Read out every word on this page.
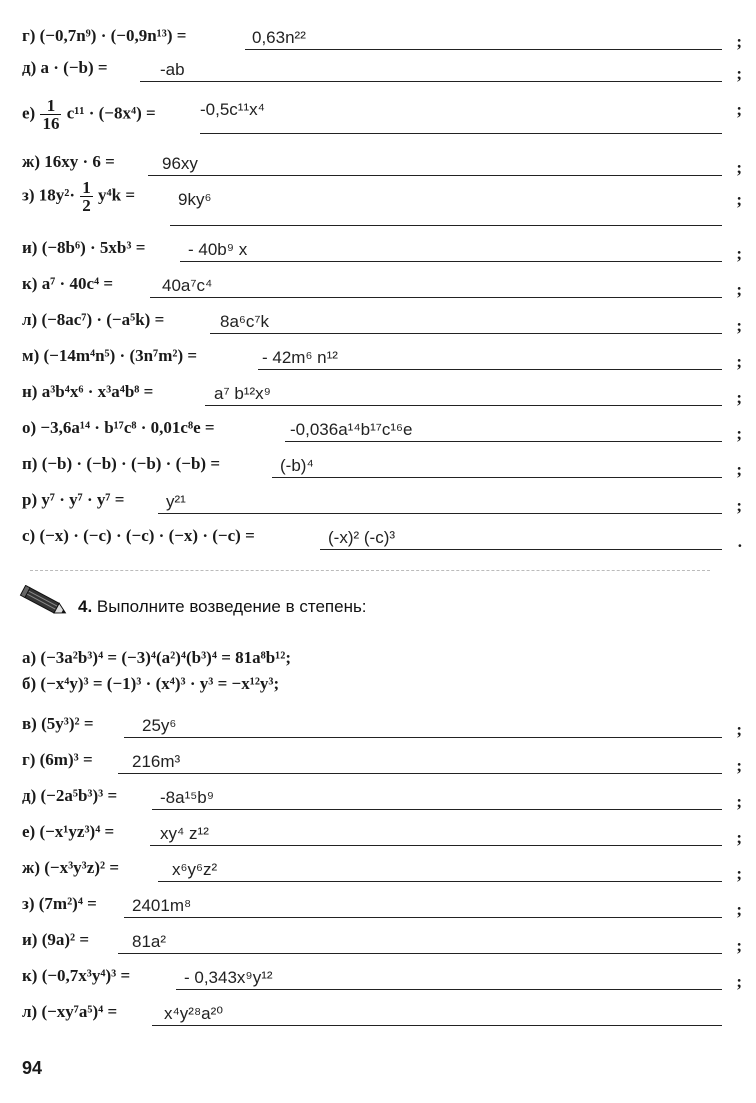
г) (−0,7n⁹) · (−0,9n¹³) =	0,63n²²	;
д) a · (−b) =	-ab	;
$е) \frac{1}{16} c^{11} \cdot (-8x^4)$ =	-0,5c¹¹x⁴	;
ж) 16xy · 6 =	96xy	;
з) $18y^2\cdot \frac{1}{2} y^4k$ =	9ky⁶	;
и) (−8b⁶) · 5xb³ =	- 40b⁹ x	;
к) a⁷ · 40c⁴ =	40a⁷c⁴	;
л) (−8ac⁷) · (−a⁵k) =	8a⁶c⁷k	;
м) (−14m⁴n⁵) · (3n⁷m²) =	- 42m⁶ n¹²	;
н) a³b⁴x⁶ · x³a⁴b⁸ =	a⁷ b¹²x⁹	;
о) −3,6a¹⁴ · b¹⁷c⁸ · 0,01c⁸e =	-0,036a¹⁴b¹⁷c¹⁶e	;
п) (−b) · (−b) · (−b) · (−b) =	(-b)⁴	;
р) y⁷ · y⁷ · y⁷ = y²¹	;
с) (−x) · (−c) · (−c) · (−x) · (−c) =	(-x)² (-c)³	.
4. Выполните возведение в степень:
а) (−3a²b³)⁴ = (−3)⁴(a²)⁴(b³)⁴ = 81a⁸b¹²;
б) (−x⁴y)³ = (−1)³ · (x⁴)³ · y³ = −x¹²y³;
в) (5y³)² =	25y⁶	;
г) (6m)³ = 216m³	;
д) (−2a⁵b³)³ =	-8a¹⁵b⁹	;
е) (−x¹yz³)⁴ =	xy⁴ z¹²	;
ж) (−x³y³z)² =	x⁶y⁶z²	;
з) (7m²)⁴ = 2401m⁸	;
и) (9a)² =	81a²	;
к) (−0,7x³y⁴)³ =	- 0,343x⁹y¹²	;
л) (−xy⁷a⁵)⁴ =	x⁴y²⁸a²⁰
94
